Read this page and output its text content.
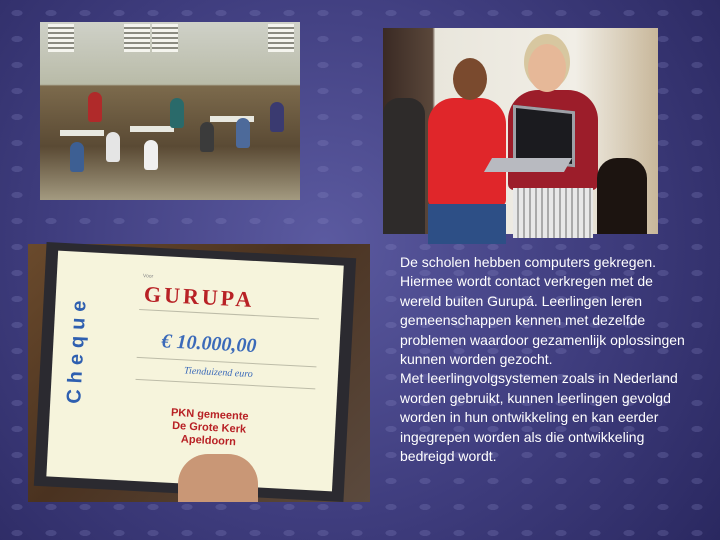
Cheque
Voor
GURUPA
€ 10.000,00
Tienduizend euro
PKN gemeente
De Grote Kerk
Apeldoorn

De scholen hebben computers gekregen. Hiermee wordt contact verkregen met de wereld buiten Gurupá. Leerlingen leren gemeenschappen kennen met dezelfde problemen waardoor gezamenlijk oplossingen kunnen worden gezocht.

Met leerlingvolgsystemen zoals in Nederland worden gebruikt, kunnen leerlingen gevolgd worden in hun ontwikkeling en kan eerder ingegrepen worden als die ontwikkeling bedreigd wordt.
